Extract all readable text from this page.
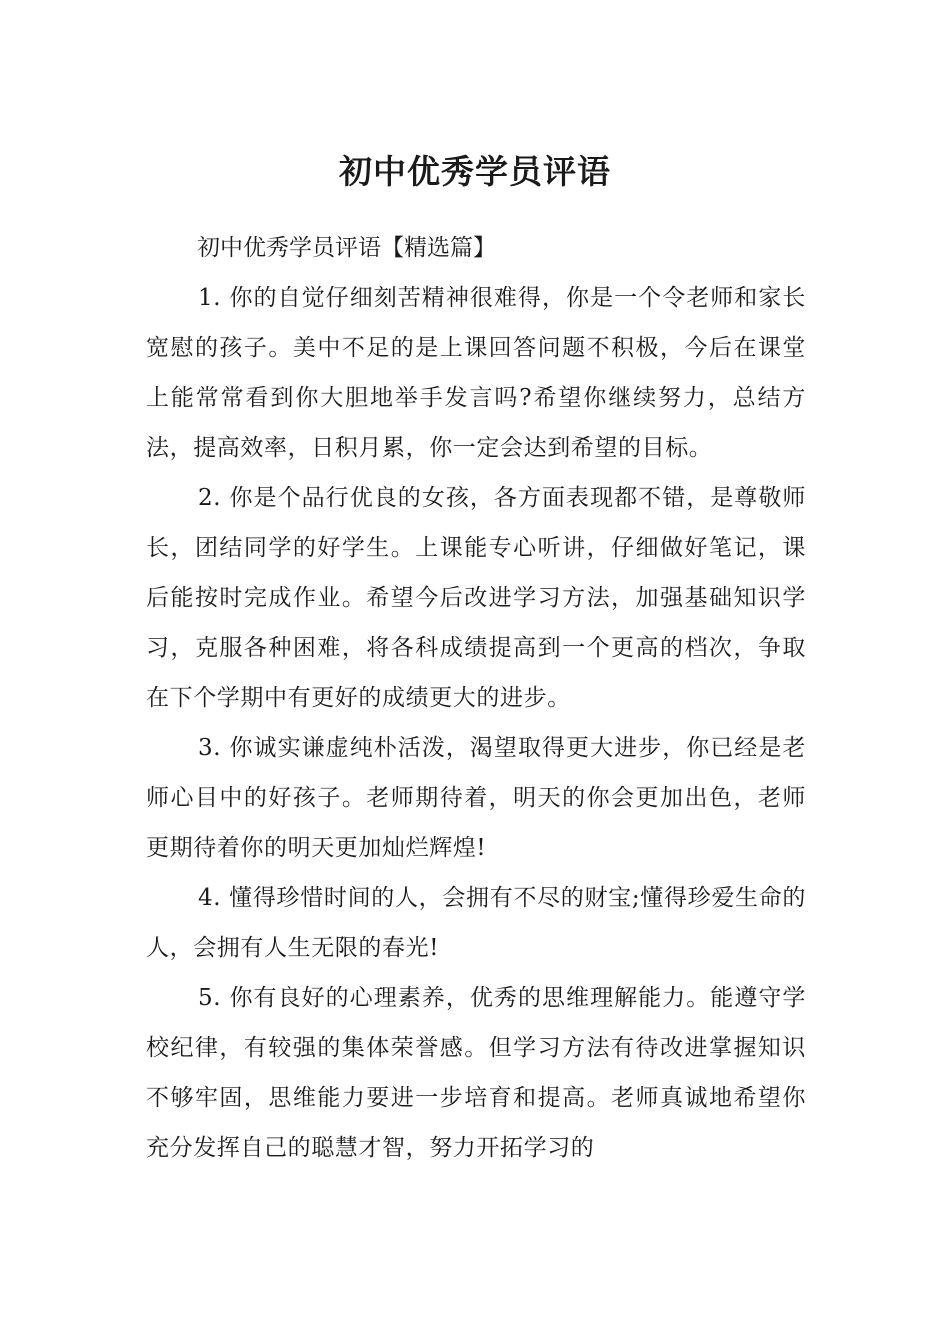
初中优秀学员评语

初中优秀学员评语【精选篇】

1. 你的自觉仔细刻苦精神很难得，你是一个令老师和家长宽慰的孩子。美中不足的是上课回答问题不积极，今后在课堂上能常常看到你大胆地举手发言吗?希望你继续努力，总结方法，提高效率，日积月累，你一定会达到希望的目标。

2. 你是个品行优良的女孩，各方面表现都不错，是尊敬师长，团结同学的好学生。上课能专心听讲，仔细做好笔记，课后能按时完成作业。希望今后改进学习方法，加强基础知识学习，克服各种困难，将各科成绩提高到一个更高的档次，争取在下个学期中有更好的成绩更大的进步。

3. 你诚实谦虚纯朴活泼，渴望取得更大进步，你已经是老师心目中的好孩子。老师期待着，明天的你会更加出色，老师更期待着你的明天更加灿烂辉煌!

4. 懂得珍惜时间的人，会拥有不尽的财宝;懂得珍爱生命的人，会拥有人生无限的春光!

5. 你有良好的心理素养，优秀的思维理解能力。能遵守学校纪律，有较强的集体荣誉感。但学习方法有待改进掌握知识不够牢固，思维能力要进一步培育和提高。老师真诚地希望你充分发挥自己的聪慧才智，努力开拓学习的
